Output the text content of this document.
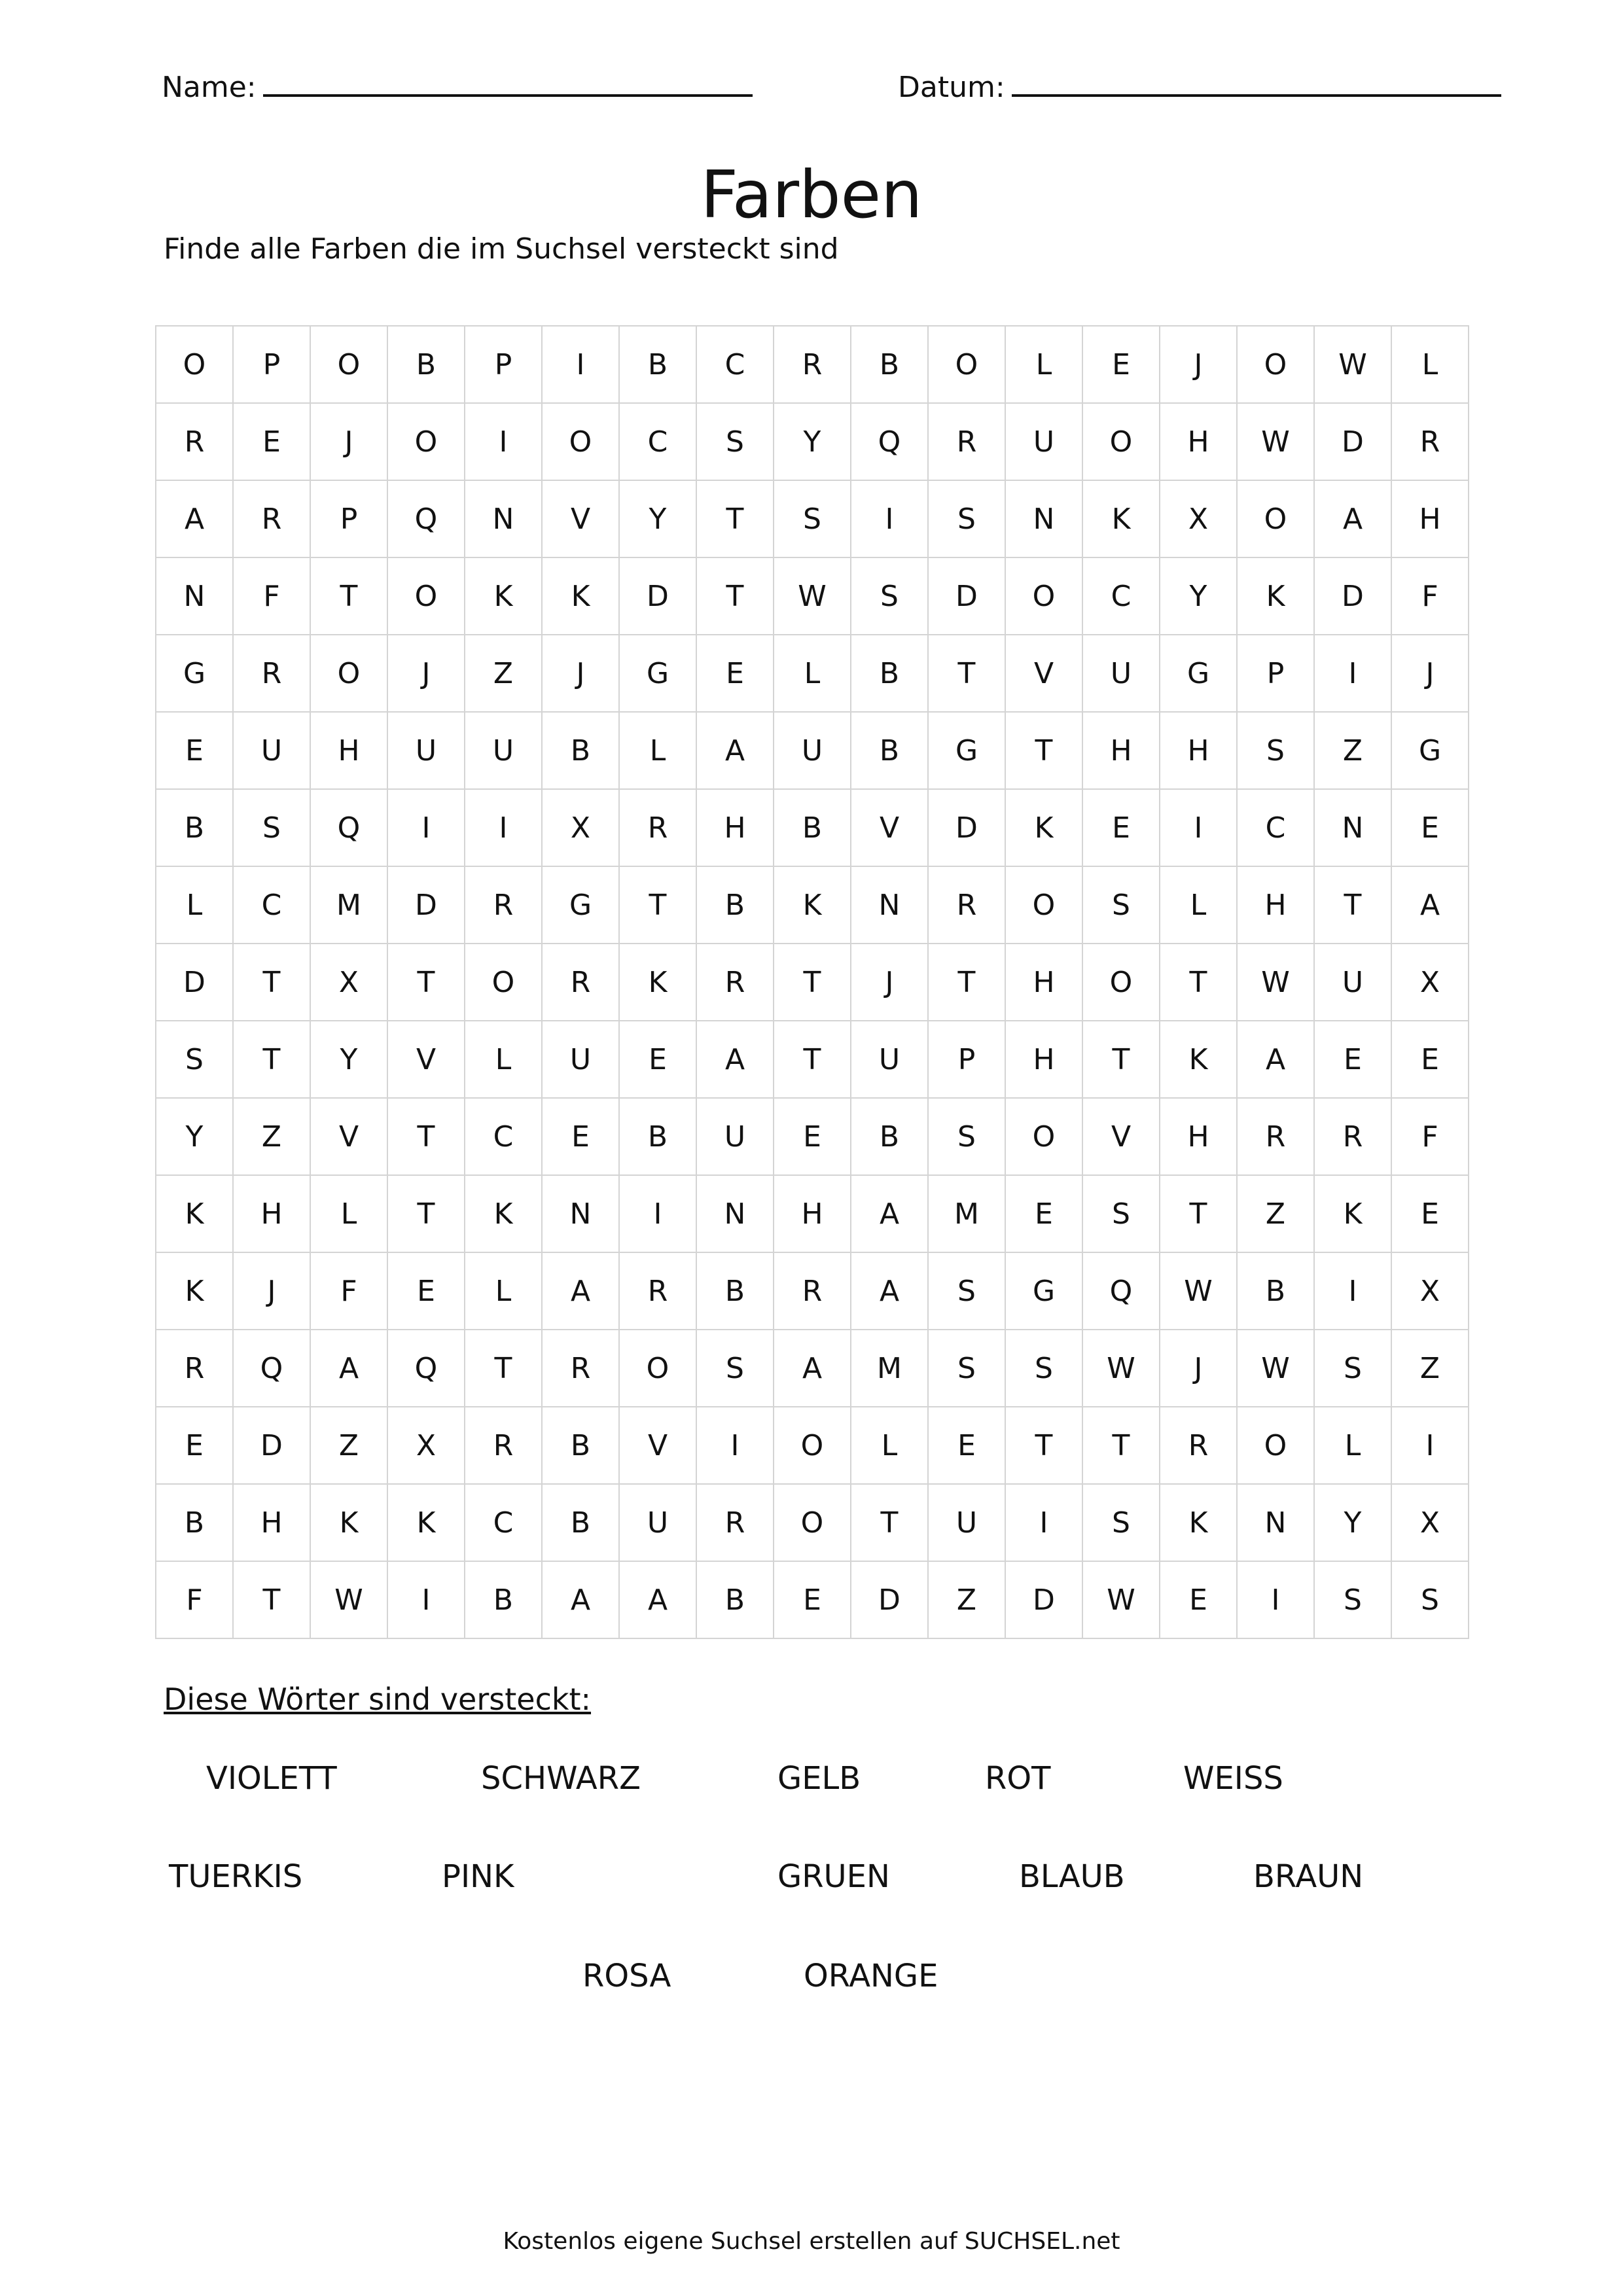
Name:	Datum:
Farben
Finde alle Farben die im Suchsel versteckt sind
O	P	O	B	P	I	B	C	R	B	O	L	E	J	O	W	L
R	E	J	O	I	O	C	S	Y	Q	R	U	O	H	W	D	R
A	R	P	Q	N	V	Y	T	S	I	S	N	K	X	O	A	H
N	F	T	O	K	K	D	T	W	S	D	O	C	Y	K	D	F
G	R	O	J	Z	J	G	E	L	B	T	V	U	G	P	I	J
E	U	H	U	U	B	L	A	U	B	G	T	H	H	S	Z	G
B	S	Q	I	I	X	R	H	B	V	D	K	E	I	C	N	E
L	C	M	D	R	G	T	B	K	N	R	O	S	L	H	T	A
D	T	X	T	O	R	K	R	T	J	T	H	O	T	W	U	X
S	T	Y	V	L	U	E	A	T	U	P	H	T	K	A	E	E
Y	Z	V	T	C	E	B	U	E	B	S	O	V	H	R	R	F
K	H	L	T	K	N	I	N	H	A	M	E	S	T	Z	K	E
K	J	F	E	L	A	R	B	R	A	S	G	Q	W	B	I	X
R	Q	A	Q	T	R	O	S	A	M	S	S	W	J	W	S	Z
E	D	Z	X	R	B	V	I	O	L	E	T	T	R	O	L	I
B	H	K	K	C	B	U	R	O	T	U	I	S	K	N	Y	X
F	T	W	I	B	A	A	B	E	D	Z	D	W	E	I	S	S
Diese Wörter sind versteckt:
VIOLETT	SCHWARZ	GELB	ROT	WEISS
TUERKIS	PINK	GRUEN	BLAUB	BRAUN
ROSA	ORANGE
Kostenlos eigene Suchsel erstellen auf SUCHSEL.net
